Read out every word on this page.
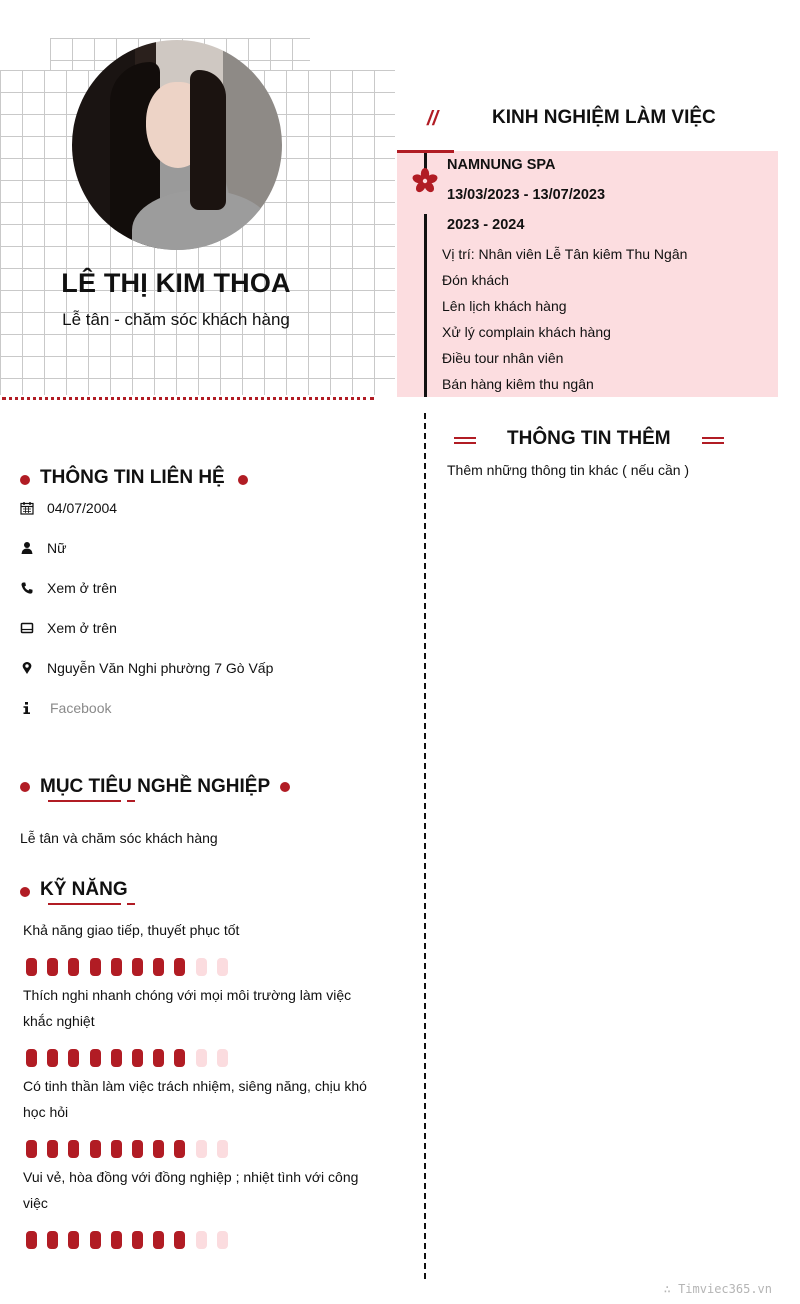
LÊ THỊ KIM THOA
Lễ tân - chăm sóc khách hàng
//	KINH NGHIỆM LÀM VIỆC
NAMNUNG SPA
13/03/2023 - 13/07/2023
2023 - 2024
Vị trí: Nhân viên Lễ Tân kiêm Thu Ngân
Đón khách
Lên lịch khách hàng
Xử lý complain khách hàng
Điều tour nhân viên
Bán hàng kiêm thu ngân
THÔNG TIN THÊM
Thêm những thông tin khác ( nếu cần )
THÔNG TIN LIÊN HỆ
04/07/2004
Nữ
Xem ở trên
Xem ở trên
Nguyễn Văn Nghi phường 7 Gò Vấp
Facebook
MỤC TIÊU NGHỀ NGHIỆP
Lễ tân và chăm sóc khách hàng
KỸ NĂNG
Khả năng giao tiếp, thuyết phục tốt
Thích nghi nhanh chóng với mọi môi trường làm việc khắc nghiệt
Có tinh thần làm việc trách nhiệm, siêng năng, chịu khó học hỏi
Vui vẻ, hòa đồng với đồng nghiệp ; nhiệt tình với công việc
∴ Timviec365.vn
